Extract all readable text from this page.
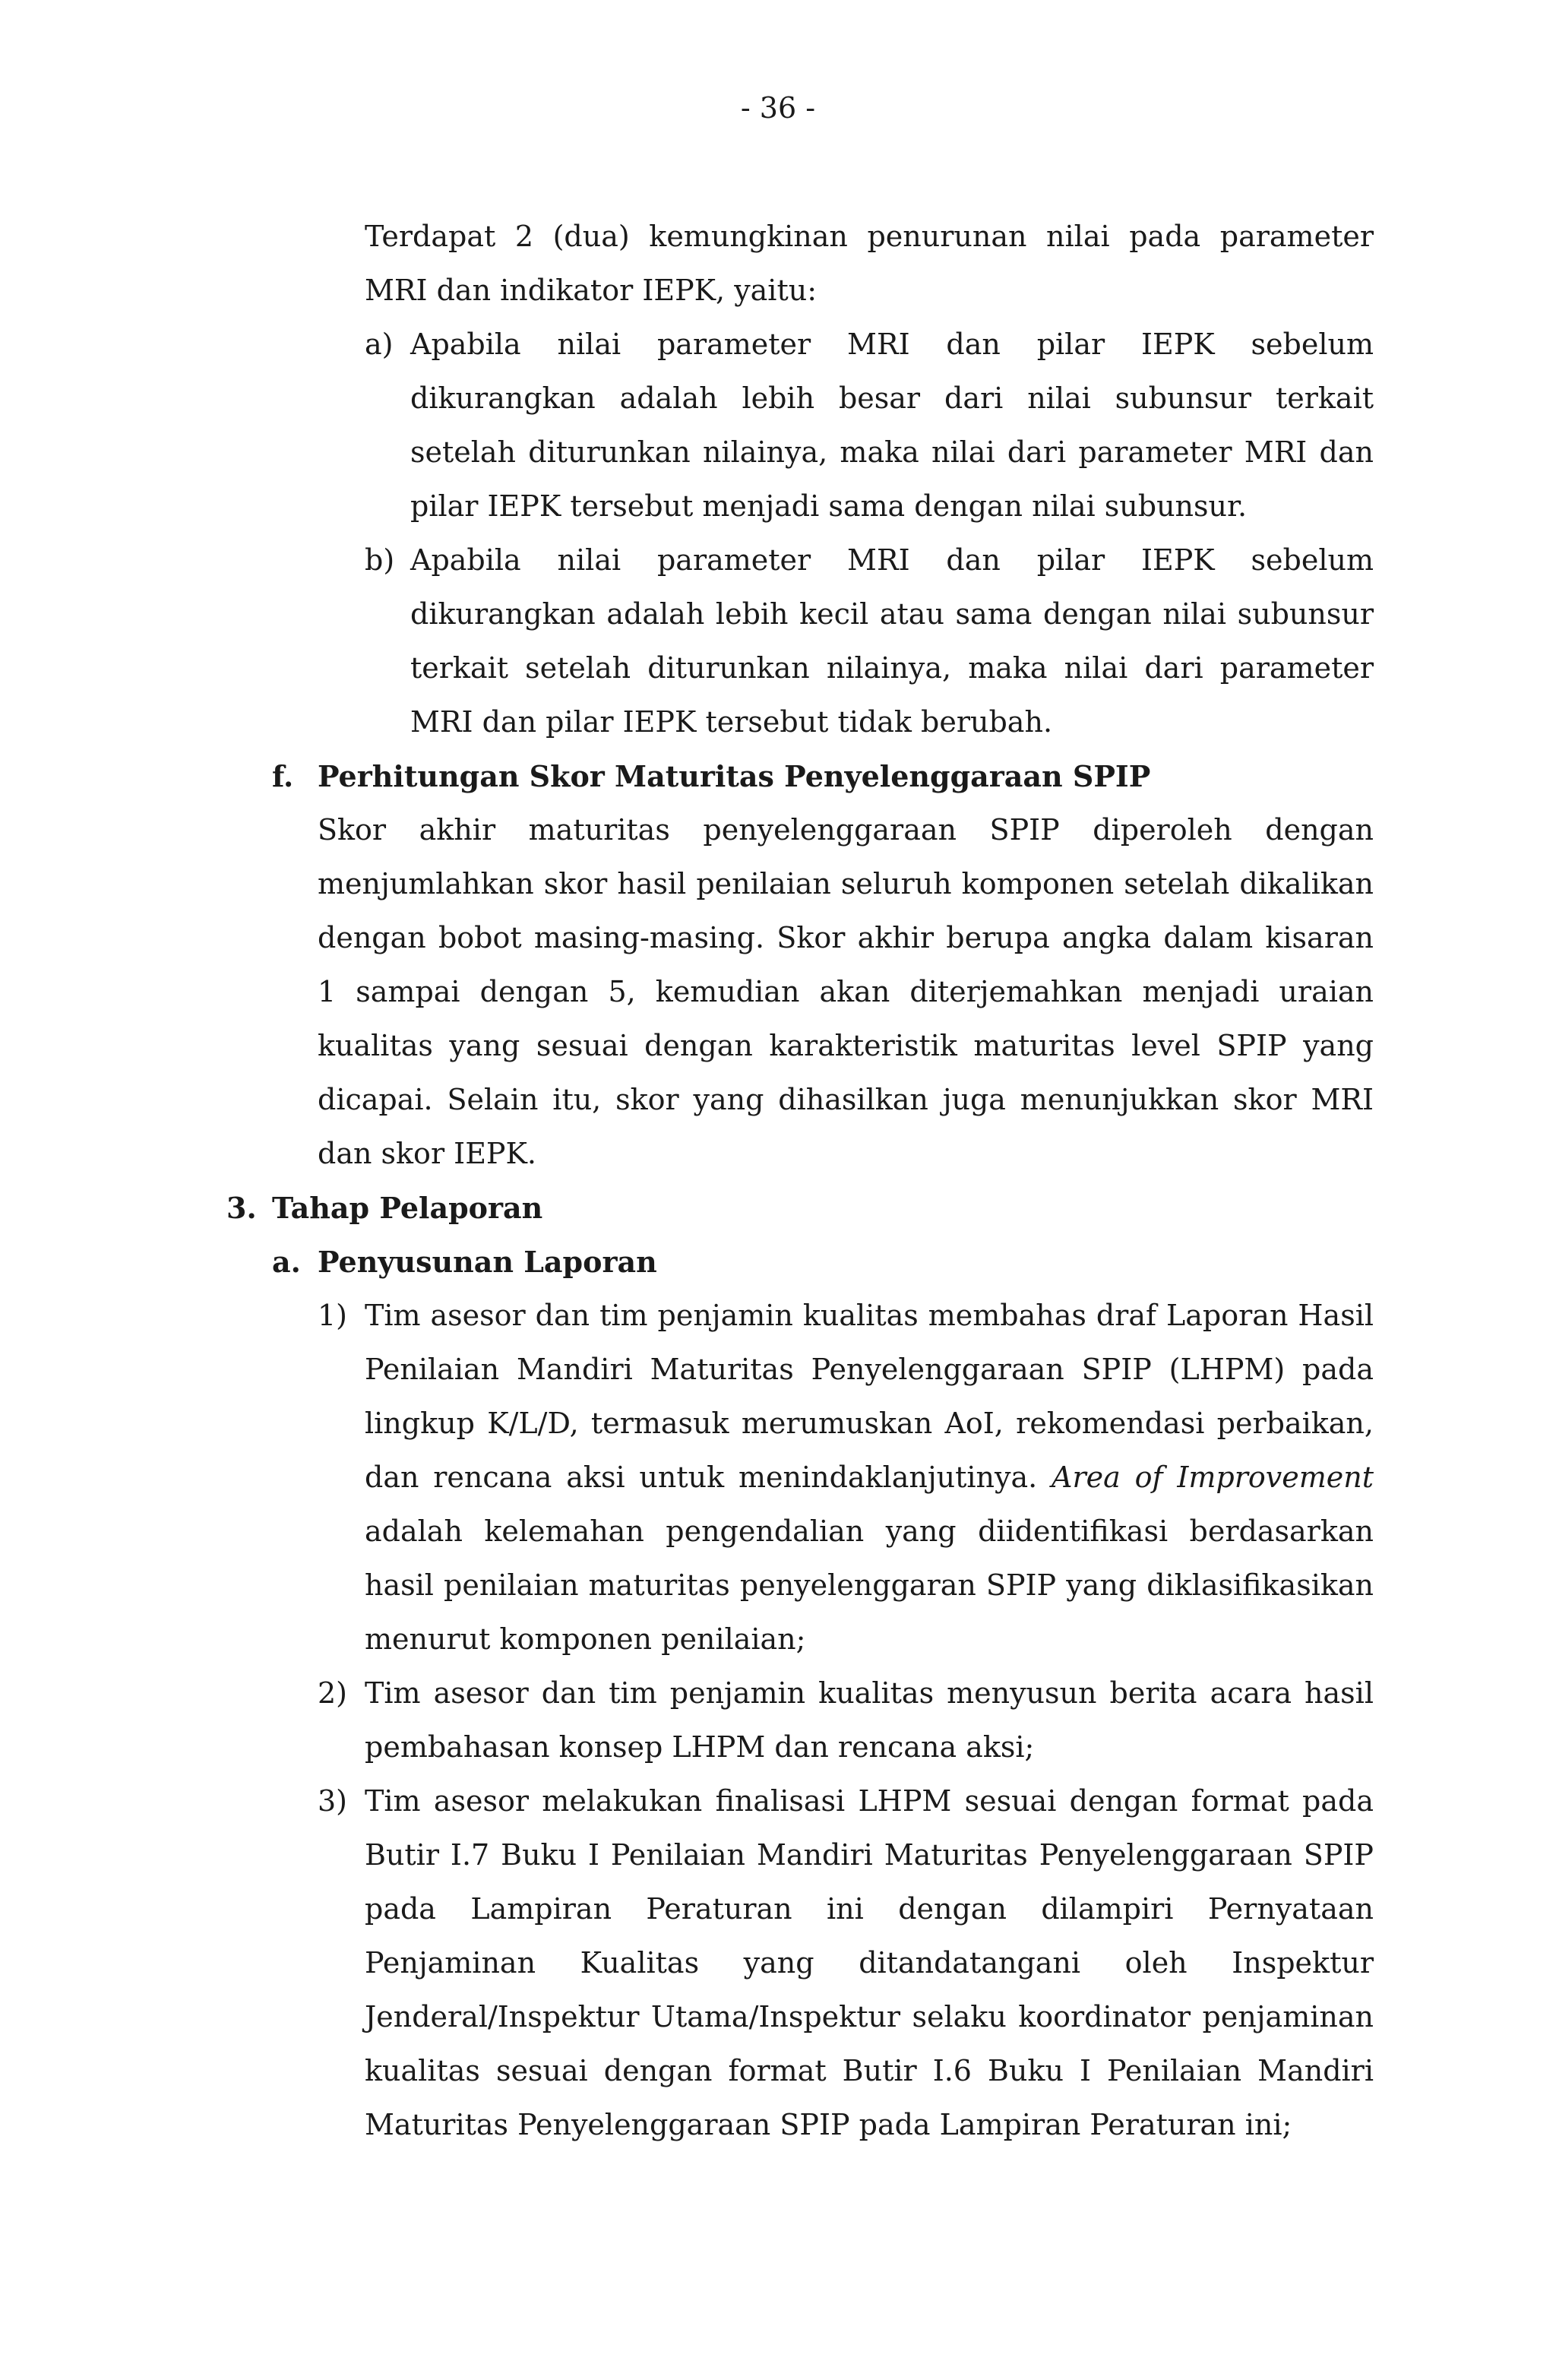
- 36 -

Terdapat 2 (dua) kemungkinan penurunan nilai pada parameter MRI dan indikator IEPK, yaitu:

a) Apabila nilai parameter MRI dan pilar IEPK sebelum dikurangkan adalah lebih besar dari nilai subunsur terkait setelah diturunkan nilainya, maka nilai dari parameter MRI dan pilar IEPK tersebut menjadi sama dengan nilai subunsur.
b) Apabila nilai parameter MRI dan pilar IEPK sebelum dikurangkan adalah lebih kecil atau sama dengan nilai subunsur terkait setelah diturunkan nilainya, maka nilai dari parameter MRI dan pilar IEPK tersebut tidak berubah.
f. Perhitungan Skor Maturitas Penyelenggaraan SPIP

Skor akhir maturitas penyelenggaraan SPIP diperoleh dengan menjumlahkan skor hasil penilaian seluruh komponen setelah dikalikan dengan bobot masing-masing. Skor akhir berupa angka dalam kisaran 1 sampai dengan 5, kemudian akan diterjemahkan menjadi uraian kualitas yang sesuai dengan karakteristik maturitas level SPIP yang dicapai. Selain itu, skor yang dihasilkan juga menunjukkan skor MRI dan skor IEPK.

3. Tahap Pelaporan
a. Penyusunan Laporan
1) Tim asesor dan tim penjamin kualitas membahas draf Laporan Hasil Penilaian Mandiri Maturitas Penyelenggaraan SPIP (LHPM) pada lingkup K/L/D, termasuk merumuskan AoI, rekomendasi perbaikan, dan rencana aksi untuk menindaklanjutinya. Area of Improvement adalah kelemahan pengendalian yang diidentifikasi berdasarkan hasil penilaian maturitas penyelenggaran SPIP yang diklasifikasikan menurut komponen penilaian;
2) Tim asesor dan tim penjamin kualitas menyusun berita acara hasil pembahasan konsep LHPM dan rencana aksi;
3) Tim asesor melakukan finalisasi LHPM sesuai dengan format pada Butir I.7 Buku I Penilaian Mandiri Maturitas Penyelenggaraan SPIP pada Lampiran Peraturan ini dengan dilampiri Pernyataan Penjaminan Kualitas yang ditandatangani oleh Inspektur Jenderal/Inspektur Utama/Inspektur selaku koordinator penjaminan kualitas sesuai dengan format Butir I.6 Buku I Penilaian Mandiri Maturitas Penyelenggaraan SPIP pada Lampiran Peraturan ini;
